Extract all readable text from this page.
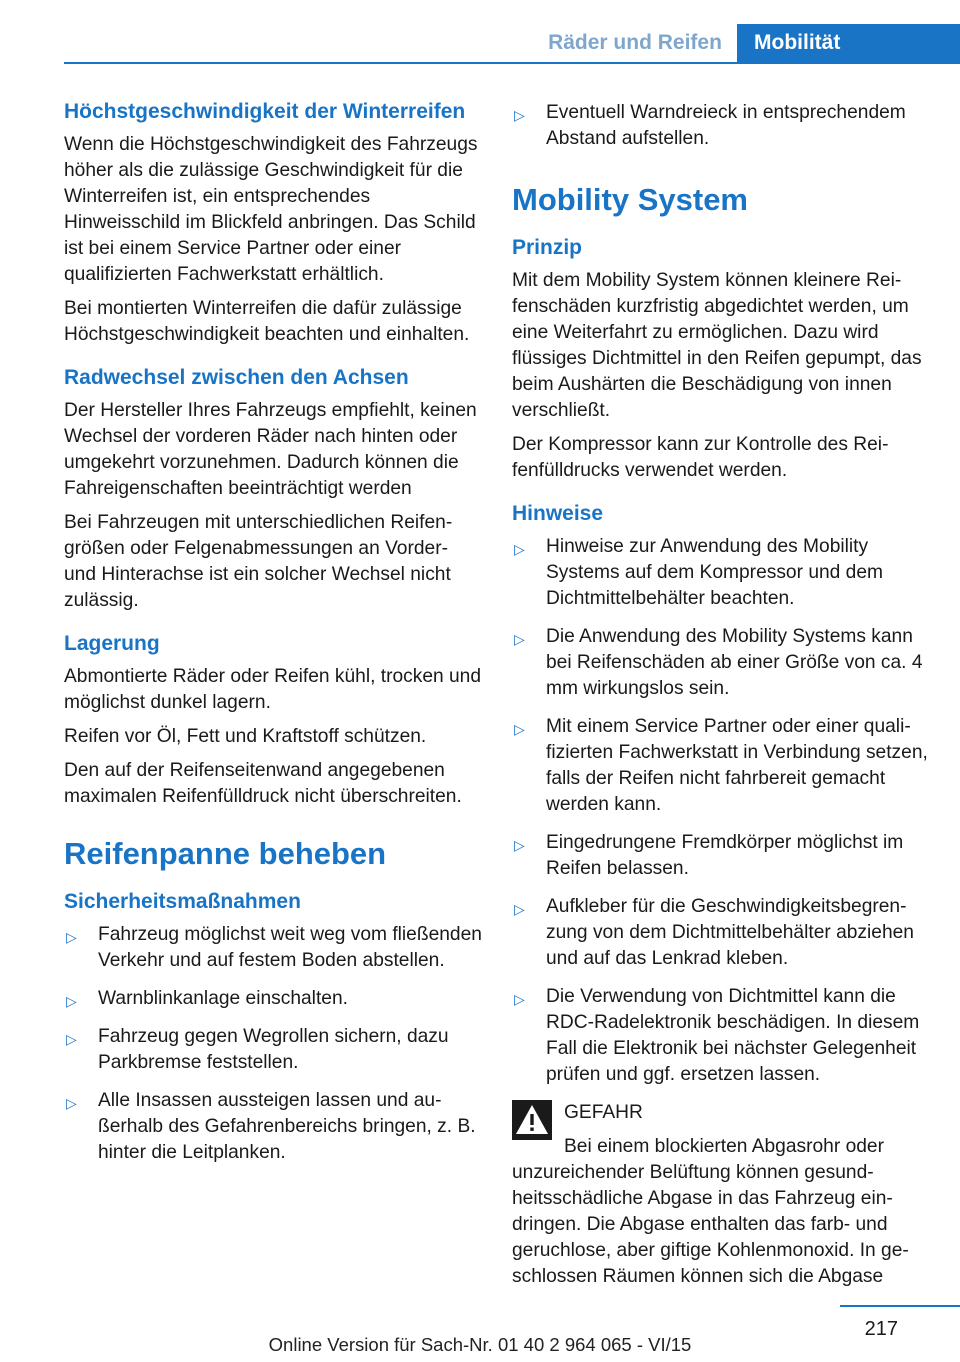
Räder und Reifen	Mobilität
Höchstgeschwindigkeit der Winterreifen

Wenn die Höchstgeschwindigkeit des Fahrzeugs höher als die zulässige Geschwindigkeit für die Winterreifen ist, ein entsprechendes Hinweisschild im Blickfeld anbringen. Das Schild ist bei einem Service Partner oder einer qualifizierten Fachwerkstatt erhältlich.

Bei montierten Winterreifen die dafür zulässige Höchstgeschwindigkeit beachten und einhalten.

Radwechsel zwischen den Achsen

Der Hersteller Ihres Fahrzeugs empfiehlt, keinen Wechsel der vorderen Räder nach hinten oder umgekehrt vorzunehmen. Dadurch können die Fahreigenschaften beeinträchtigt werden

Bei Fahrzeugen mit unterschiedlichen Reifengrößen oder Felgenabmessungen an Vorder- und Hinterachse ist ein solcher Wechsel nicht zulässig.

Lagerung

Abmontierte Räder oder Reifen kühl, trocken und möglichst dunkel lagern.

Reifen vor Öl, Fett und Kraftstoff schützen.

Den auf der Reifenseitenwand angegebenen maximalen Reifenfülldruck nicht überschreiten.

Reifenpanne beheben
Sicherheitsmaßnahmen
▷ Fahrzeug möglichst weit weg vom fließenden Verkehr und auf festem Boden abstellen.
▷ Warnblinkanlage einschalten.
▷ Fahrzeug gegen Wegrollen sichern, dazu Parkbremse feststellen.
▷ Alle Insassen aussteigen lassen und außerhalb des Gefahrenbereichs bringen, z. B. hinter die Leitplanken.
▷ Eventuell Warndreieck in entsprechendem Abstand aufstellen.
Mobility System
Prinzip

Mit dem Mobility System können kleinere Reifenschäden kurzfristig abgedichtet werden, um eine Weiterfahrt zu ermöglichen. Dazu wird flüssiges Dichtmittel in den Reifen gepumpt, das beim Aushärten die Beschädigung von innen verschließt.

Der Kompressor kann zur Kontrolle des Reifenfülldrucks verwendet werden.

Hinweise
▷ Hinweise zur Anwendung des Mobility Systems auf dem Kompressor und dem Dichtmittelbehälter beachten.
▷ Die Anwendung des Mobility Systems kann bei Reifenschäden ab einer Größe von ca. 4 mm wirkungslos sein.
▷ Mit einem Service Partner oder einer qualifizierten Fachwerkstatt in Verbindung setzen, falls der Reifen nicht fahrbereit gemacht werden kann.
▷ Eingedrungene Fremdkörper möglichst im Reifen belassen.
▷ Aufkleber für die Geschwindigkeitsbegrenzung von dem Dichtmittelbehälter abziehen und auf das Lenkrad kleben.
▷ Die Verwendung von Dichtmittel kann die RDC-Radelektronik beschädigen. In diesem Fall die Elektronik bei nächster Gelegenheit prüfen und ggf. ersetzen lassen.
GEFAHR
Bei einem blockierten Abgasrohr oder

unzureichender Belüftung können gesundheitsschädliche Abgase in das Fahrzeug eindringen. Die Abgase enthalten das farb- und geruchlose, aber giftige Kohlenmonoxid. In geschlossen Räumen können sich die Abgase

217
Online Version für Sach-Nr. 01 40 2 964 065 - VI/15
